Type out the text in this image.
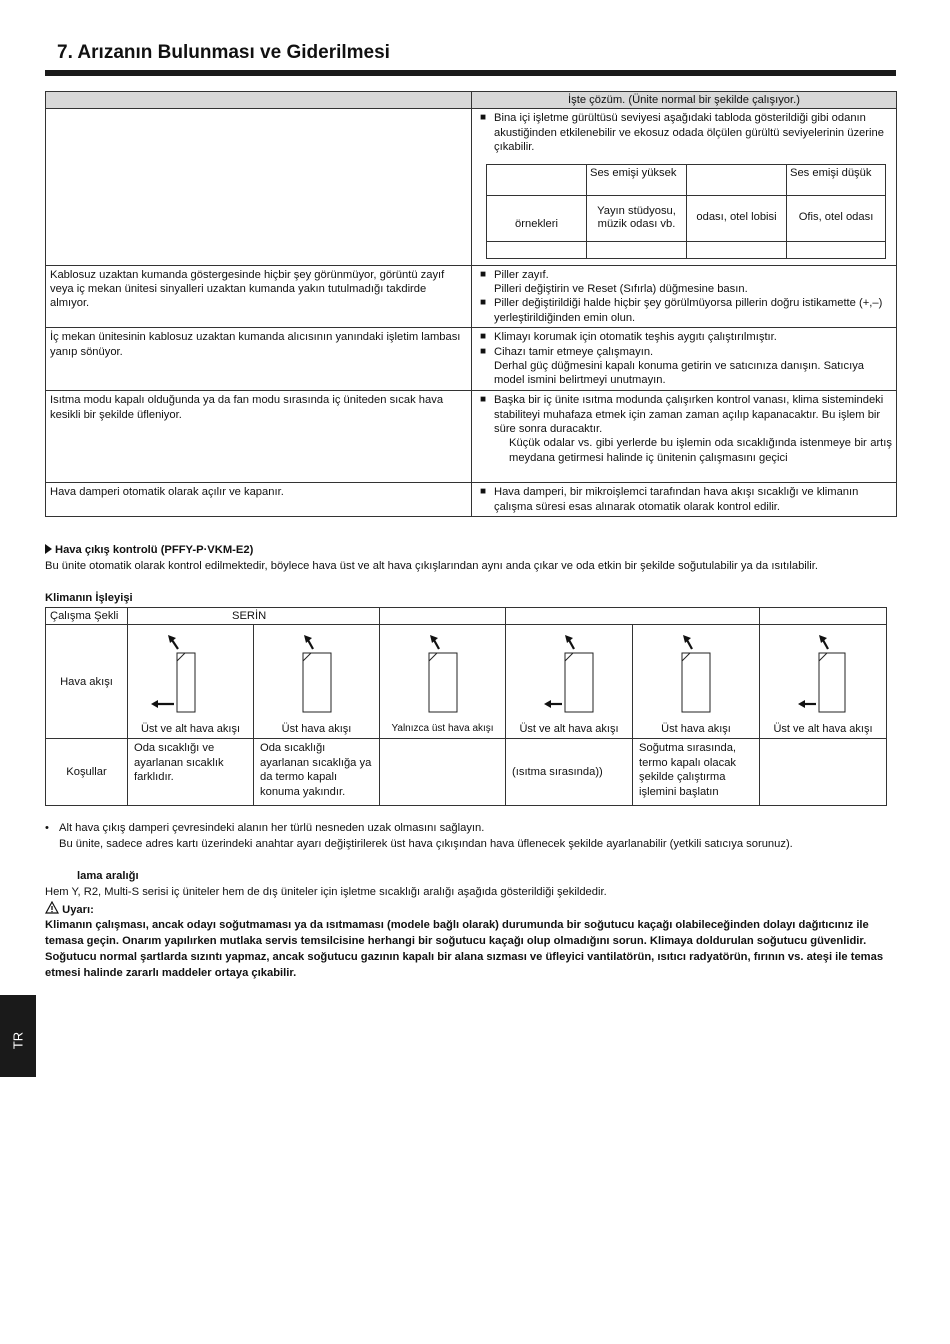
7. Arızanın Bulunması ve Giderilmesi
	İşte çözüm. (Ünite normal bir şekilde çalışıyor.)

■ Bina içi işletme gürültüsü seviyesi aşağıdaki tabloda gösterildiği gibi odanın akustiğinden etkilenebilir ve ekosuz odada ölçülen gürültü seviyelerinin üzerine çıkabilir.
	Ses emişi yüksek		Ses emişi düşük
örnekleri	Yayın stüdyosu, müzik odası vb.	odası, otel lobisi	Ofis, otel odası

Kablosuz uzaktan kumanda göstergesinde hiçbir şey görünmüyor, görüntü zayıf veya iç mekan ünitesi sinyalleri uzaktan kumanda yakın tutulmadığı takdirde almıyor.	
■ Piller zayıf.
Pilleri değiştirin ve Reset (Sıfırla) düğmesine basın.
■ Piller değiştirildiği halde hiçbir şey görülmüyorsa pillerin doğru istikamette (+,–) yerleştirildiğinden emin olun.

İç mekan ünitesinin kablosuz uzaktan kumanda alıcısının yanındaki işletim lambası yanıp sönüyor.	
■ Klimayı korumak için otomatik teşhis aygıtı çalıştırılmıştır.
■ Cihazı tamir etmeye çalışmayın.
Derhal güç düğmesini kapalı konuma getirin ve satıcınıza danışın. Satıcıya model ismini belirtmeyi unutmayın.

Isıtma modu kapalı olduğunda ya da fan modu sırasında iç üniteden sıcak hava kesikli bir şekilde üfleniyor.	
■ Başka bir iç ünite ısıtma modunda çalışırken kontrol vanası, klima sistemindeki stabiliteyi muhafaza etmek için zaman zaman açılıp kapanacaktır. Bu işlem bir süre sonra duracaktır.
Küçük odalar vs. gibi yerlerde bu işlemin oda sıcaklığında istenmeye bir artış meydana getirmesi halinde iç ünitenin çalışmasını geçici

Hava damperi otomatik olarak açılır ve kapanır.	
■Hava damperi, bir mikroişlemci tarafından hava akışı sıcaklığı ve klimanın çalışma süresi esas alınarak otomatik olarak kontrol edilir.
Hava çıkış kontrolü (PFFY-P·VKM-E2)
Bu ünite otomatik olarak kontrol edilmektedir, böylece hava üst ve alt hava çıkışlarından aynı anda çıkar ve oda etkin bir şekilde soğutulabilir ya da ısıtılabilir.
Klimanın İşleyişi
Çalışma Şekli	SERİN					
Hava akışı	Üst ve alt hava akışı	Üst hava akışı	Yalnızca üst hava akışı	Üst ve alt hava akışı	Üst hava akışı	Üst ve alt hava akışı

Koşullar	Oda sıcaklığı ve ayarlanan sıcaklık farklıdır.	Oda sıcaklığı ayarlanan sıcaklığa ya da termo kapalı konuma yakındır.		(ısıtma sırasında))	Soğutma sırasında, termo kapalı olacak şekilde çalıştırma işlemini başlatın	
• Alt hava çıkış damperi çevresindeki alanın her türlü nesneden uzak olmasını sağlayın.
Bu ünite, sadece adres kartı üzerindeki anahtar ayarı değiştirilerek üst hava çıkışından hava üflenecek şekilde ayarlanabilir (yetkili satıcıya sorunuz).
lama aralığı
Hem Y, R2, Multi-S serisi iç üniteler hem de dış üniteler için işletme sıcaklığı aralığı aşağıda gösterildiği şekildedir.
Uyarı:
Klimanın çalışması, ancak odayı soğutmaması ya da ısıtmaması (modele bağlı olarak) durumunda bir soğutucu kaçağı olabileceğinden dolayı dağıtıcınız ile temasa geçin. Onarım yapılırken mutlaka servis temsilcisine herhangi bir soğutucu kaçağı olup olmadığını sorun. Klimaya doldurulan soğutucu güvenlidir. Soğutucu normal şartlarda sızıntı yapmaz, ancak soğutucu gazının kapalı bir alana sızması ve üfleyici vantilatörün, ısıtıcı radyatörün, fırının vs. ateşi ile temas etmesi halinde zararlı maddeler ortaya çıkabilir.
TR
